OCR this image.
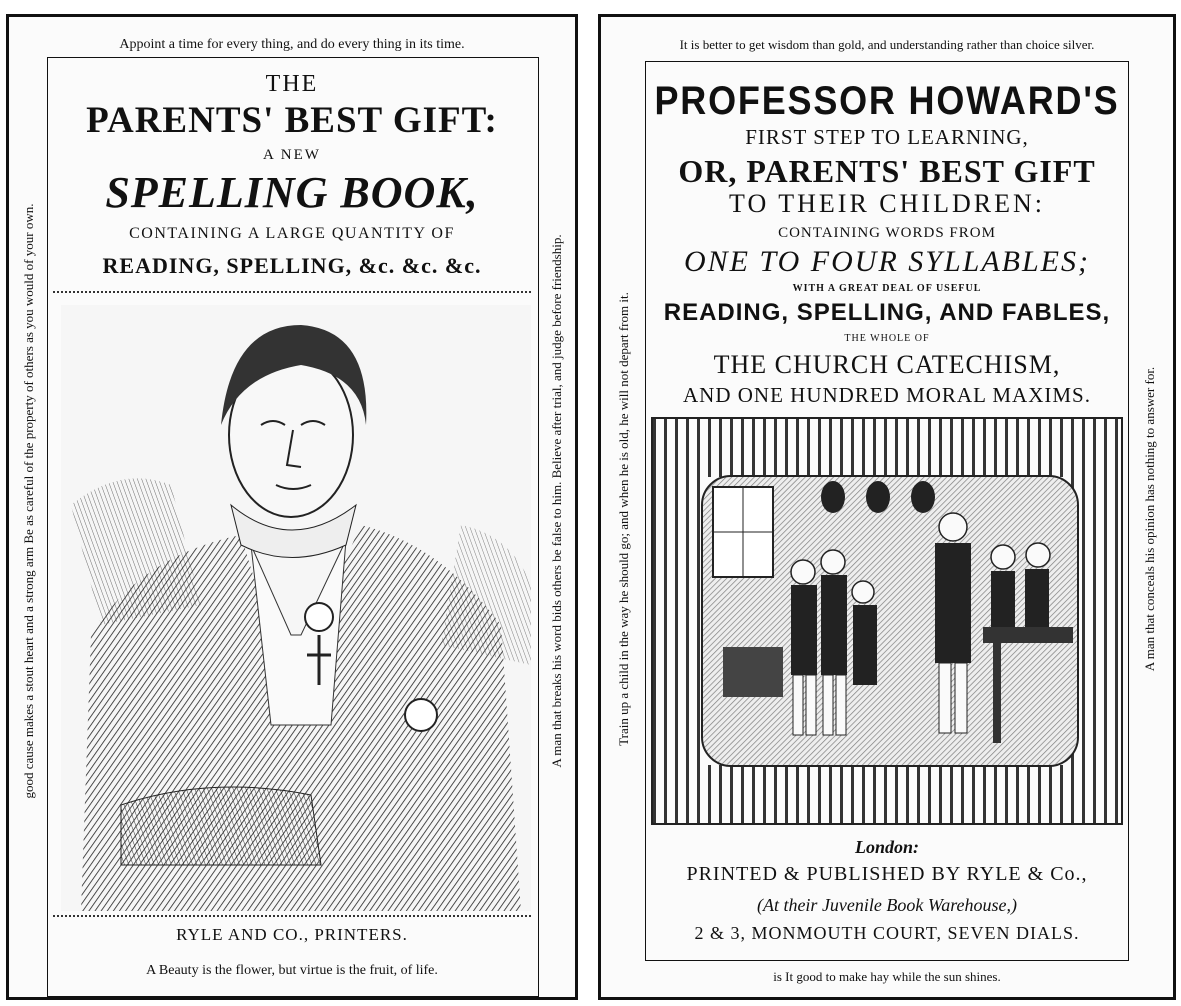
Appoint a time for every thing, and do every thing in its time.
THE
PARENTS' BEST GIFT:
A NEW
SPELLING BOOK,
CONTAINING A LARGE QUANTITY OF
READING, SPELLING, &c. &c. &c.
RYLE AND CO., PRINTERS.
A Beauty is the flower, but virtue is the fruit, of life.
good cause makes a stout heart and a strong arm Be as careful of the property of others as you would of your own.	A man that breaks his word bids others be false to him. Believe after trial, and judge before friendship.
It is better to get wisdom than gold, and understanding rather than choice silver.
PROFESSOR HOWARD'S
FIRST STEP TO LEARNING,
OR, PARENTS' BEST GIFT
TO THEIR CHILDREN:
CONTAINING WORDS FROM
ONE TO FOUR SYLLABLES;
WITH A GREAT DEAL OF USEFUL
READING, SPELLING, AND FABLES,
THE WHOLE OF
THE CHURCH CATECHISM,
AND ONE HUNDRED MORAL MAXIMS.
London:
PRINTED & PUBLISHED BY RYLE & Co.,
(At their Juvenile Book Warehouse,)
2 & 3, MONMOUTH COURT, SEVEN DIALS.
is It good to make hay while the sun shines.
Train up a child in the way he should go; and when he is old, he will not depart from it.	A man that conceals his opinion has nothing to answer for.
